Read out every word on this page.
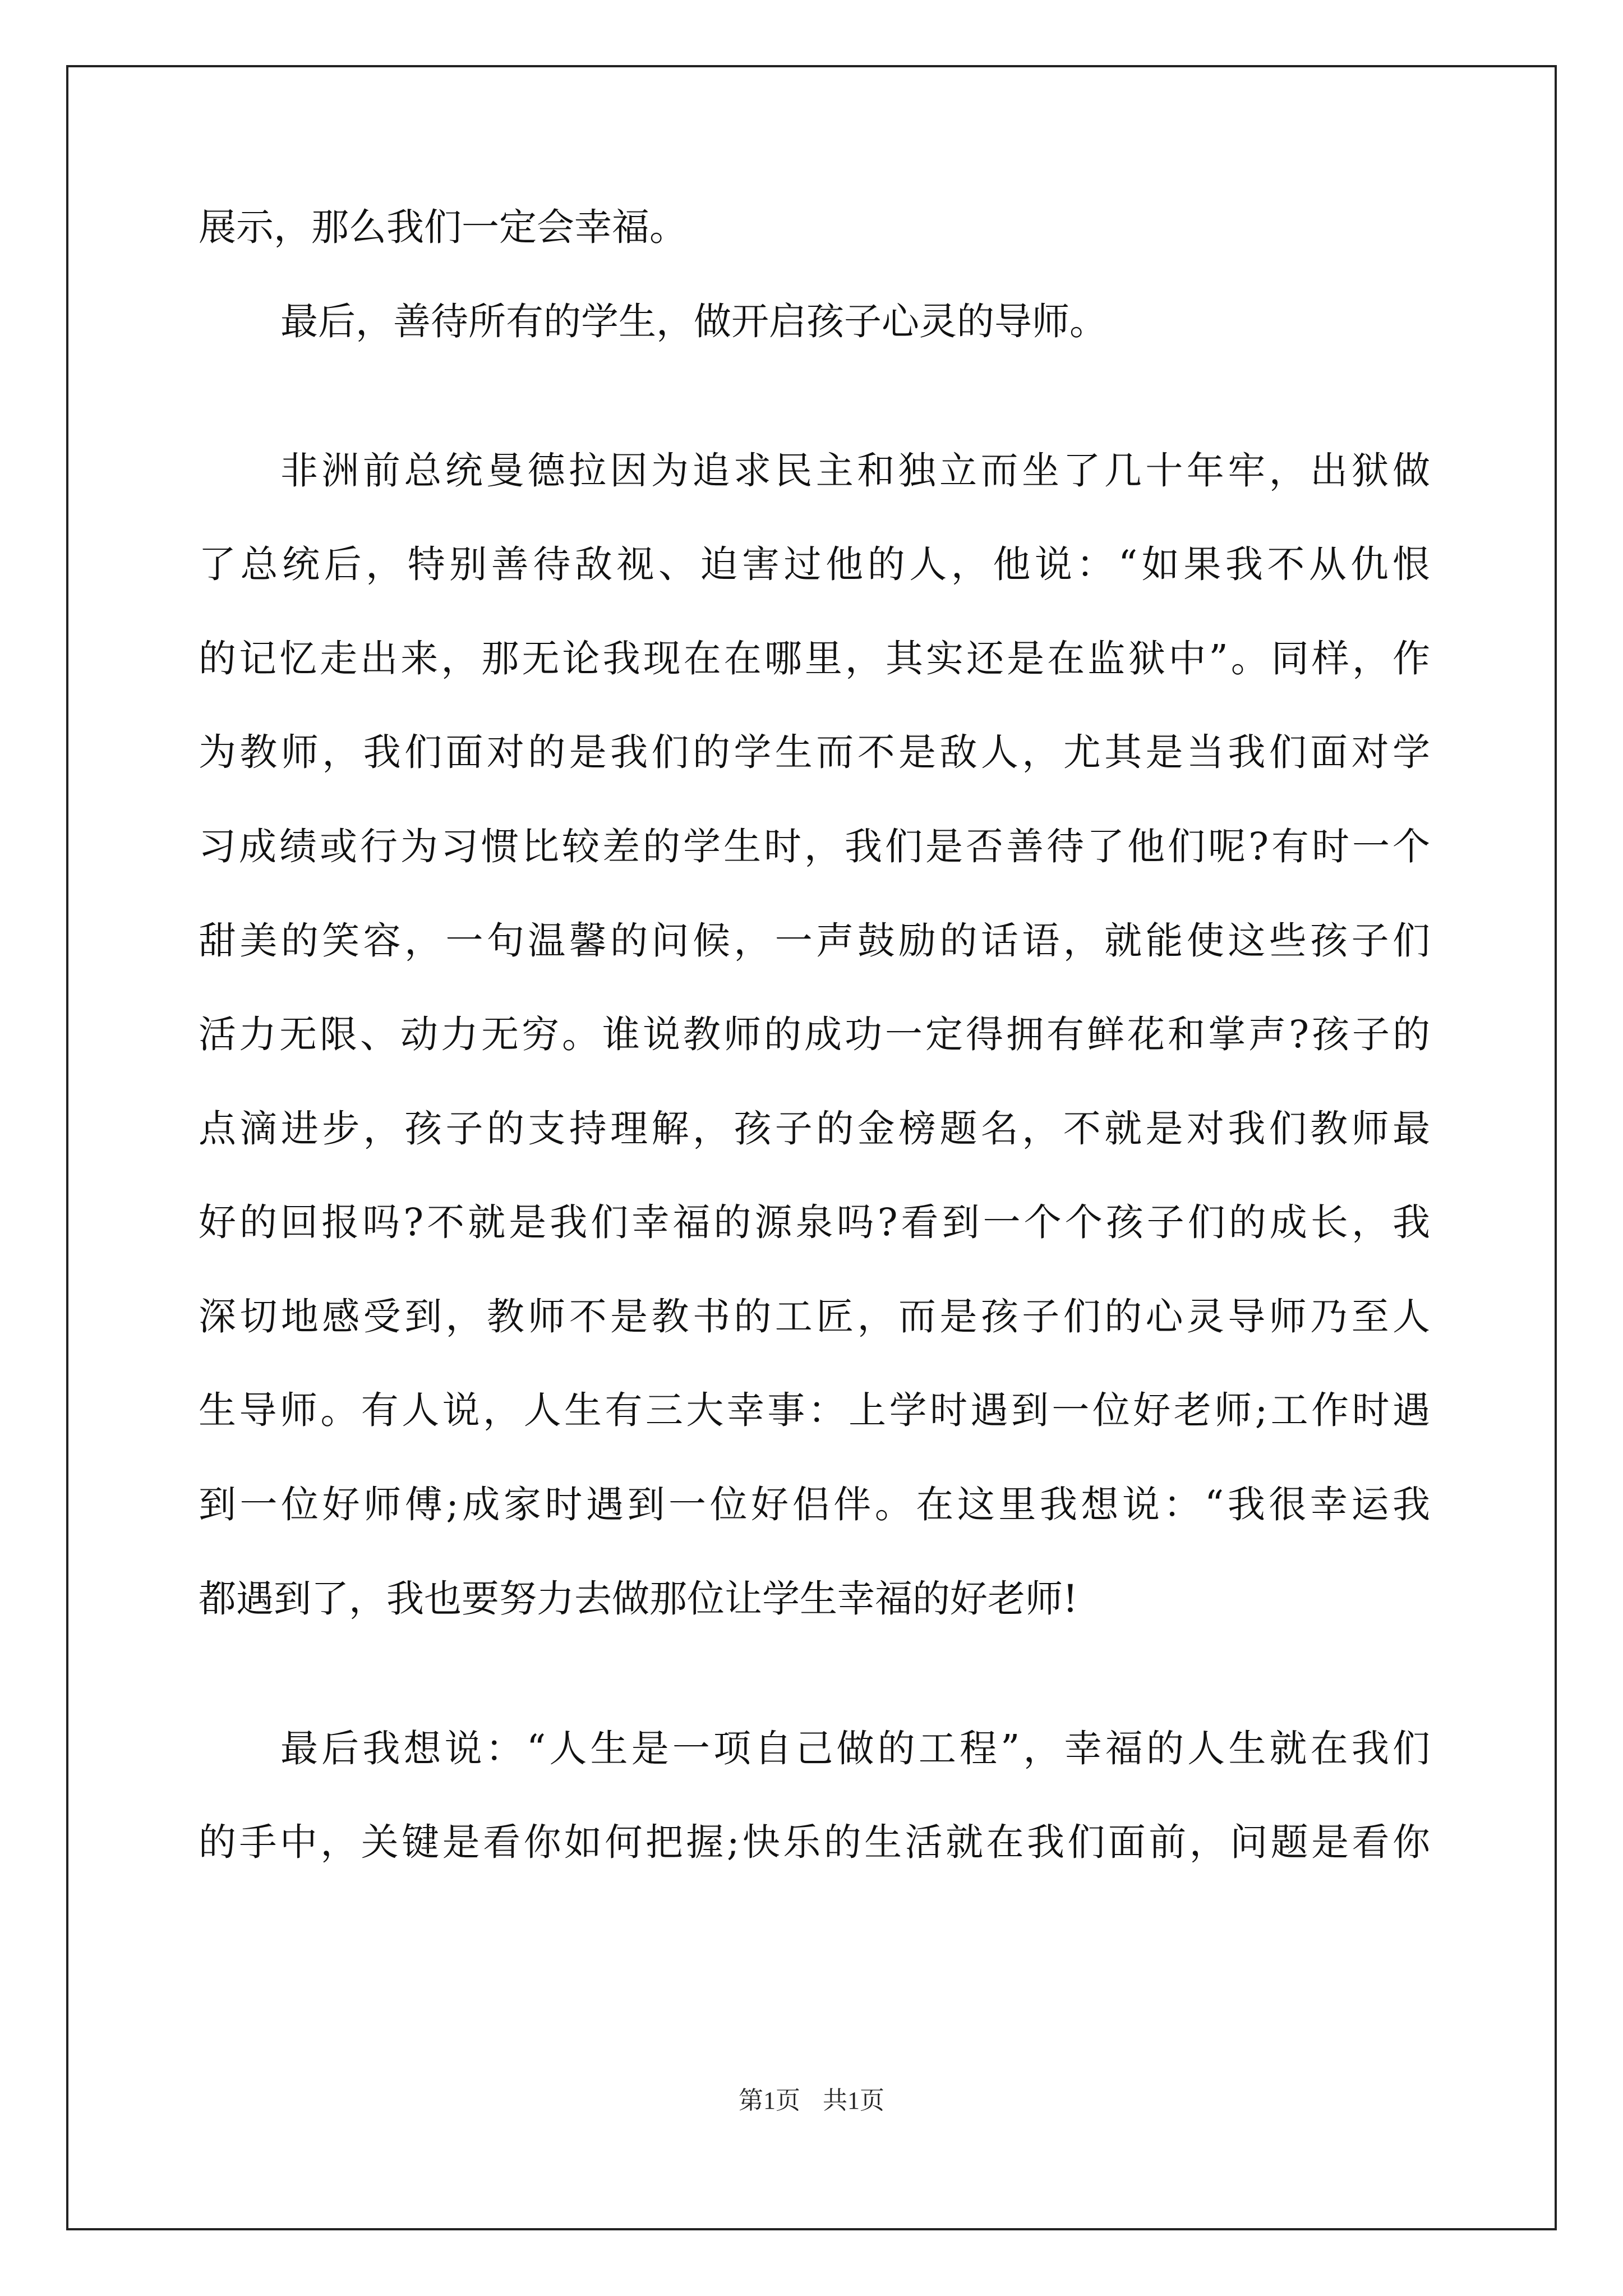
展示，那么我们一定会幸福。
最后，善待所有的学生，做开启孩子心灵的导师。
非洲前总统曼德拉因为追求民主和独立而坐了几十年牢，出狱做
了总统后，特别善待敌视、迫害过他的人，他说：“如果我不从仇恨
的记忆走出来，那无论我现在在哪里，其实还是在监狱中”。同样，作
为教师，我们面对的是我们的学生而不是敌人，尤其是当我们面对学
习成绩或行为习惯比较差的学生时，我们是否善待了他们呢?有时一个
甜美的笑容，一句温馨的问候，一声鼓励的话语，就能使这些孩子们
活力无限、动力无穷。谁说教师的成功一定得拥有鲜花和掌声?孩子的
点滴进步，孩子的支持理解，孩子的金榜题名，不就是对我们教师最
好的回报吗?不就是我们幸福的源泉吗?看到一个个孩子们的成长，我
深切地感受到，教师不是教书的工匠，而是孩子们的心灵导师乃至人
生导师。有人说，人生有三大幸事：上学时遇到一位好老师;工作时遇
到一位好师傅;成家时遇到一位好侣伴。在这里我想说：“我很幸运我
都遇到了，我也要努力去做那位让学生幸福的好老师!
最后我想说：“人生是一项自己做的工程”，幸福的人生就在我们
的手中，关键是看你如何把握;快乐的生活就在我们面前，问题是看你
第1页 共1页
